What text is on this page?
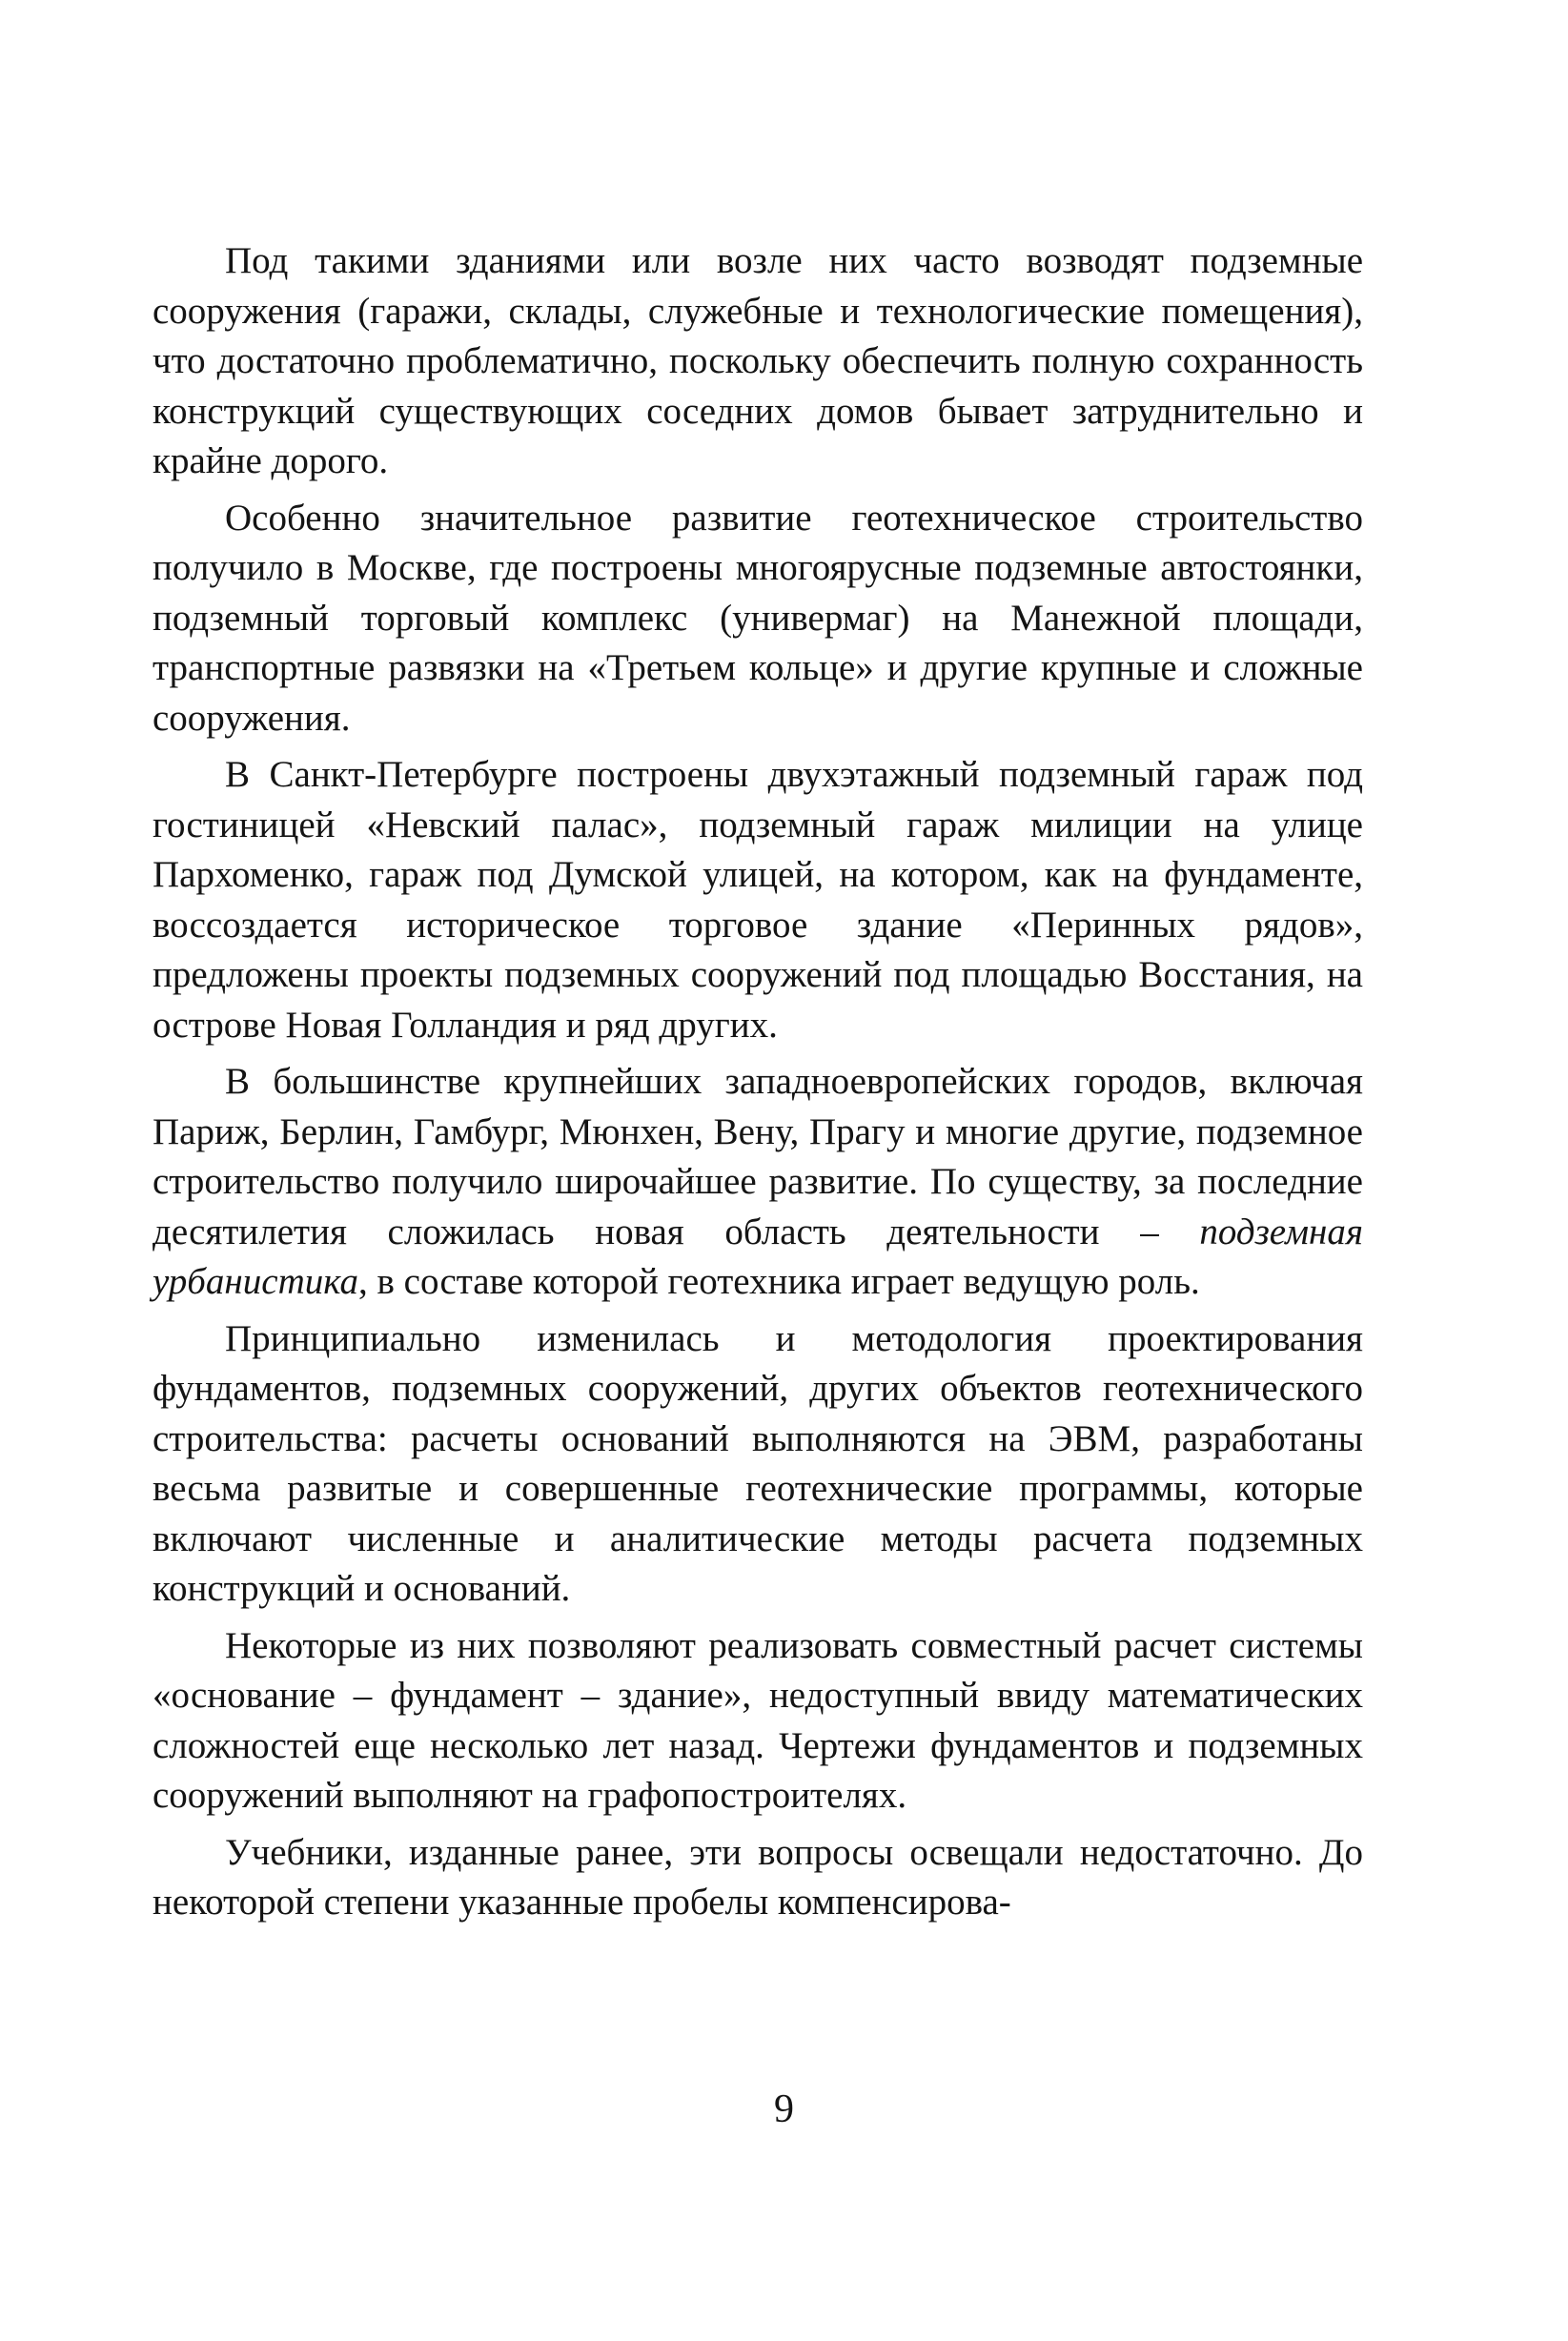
Под такими зданиями или возле них часто возводят подземные сооружения (гаражи, склады, служебные и технологические помещения), что достаточно проблематично, поскольку обеспечить полную сохранность конструкций существующих соседних домов бывает затруднительно и крайне дорого.

Особенно значительное развитие геотехническое строительство получило в Москве, где построены многоярусные подземные автостоянки, подземный торговый комплекс (универмаг) на Манежной площади, транспортные развязки на «Третьем кольце» и другие крупные и сложные сооружения.

В Санкт-Петербурге построены двухэтажный подземный гараж под гостиницей «Невский палас», подземный гараж милиции на улице Пархоменко, гараж под Думской улицей, на котором, как на фундаменте, воссоздается историческое торговое здание «Перинных рядов», предложены проекты подземных сооружений под площадью Восстания, на острове Новая Голландия и ряд других.

В большинстве крупнейших западноевропейских городов, включая Париж, Берлин, Гамбург, Мюнхен, Вену, Прагу и многие другие, подземное строительство получило широчайшее развитие. По существу, за последние десятилетия сложилась новая область деятельности – подземная урбанистика, в составе которой геотехника играет ведущую роль.

Принципиально изменилась и методология проектирования фундаментов, подземных сооружений, других объектов геотехнического строительства: расчеты оснований выполняются на ЭВМ, разработаны весьма развитые и совершенные геотехнические программы, которые включают численные и аналитические методы расчета подземных конструкций и оснований.

Некоторые из них позволяют реализовать совместный расчет системы «основание – фундамент – здание», недоступный ввиду математических сложностей еще несколько лет назад. Чертежи фундаментов и подземных сооружений выполняют на графопостроителях.

Учебники, изданные ранее, эти вопросы освещали недостаточно. До некоторой степени указанные пробелы компенсирова-

9
